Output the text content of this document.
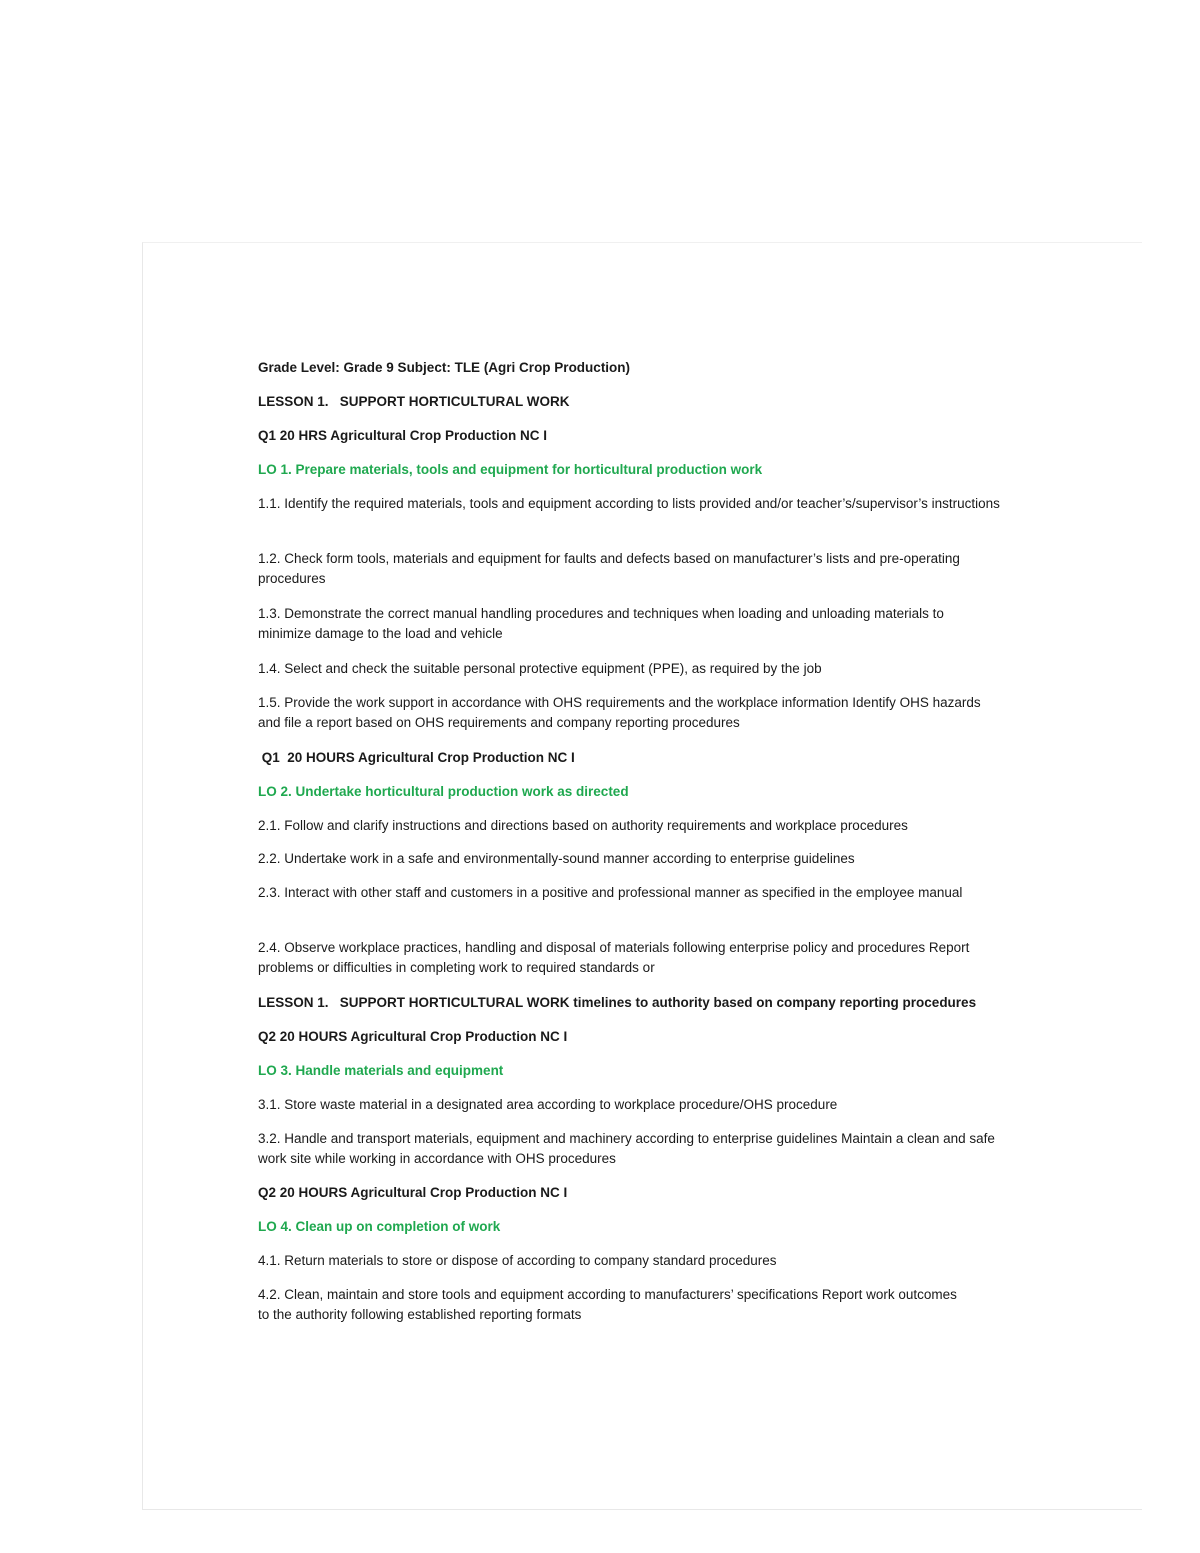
Grade Level: Grade 9 Subject: TLE (Agri Crop Production)

LESSON 1.   SUPPORT HORTICULTURAL WORK

Q1 20 HRS Agricultural Crop Production NC I

LO 1. Prepare materials, tools and equipment for horticultural production work

1.1. Identify the required materials, tools and equipment according to lists provided and/or teacher’s/supervisor’s instructions

1.2. Check form tools, materials and equipment for faults and defects based on manufacturer’s lists and pre-operating procedures

1.3. Demonstrate the correct manual handling procedures and techniques when loading and unloading materials to minimize damage to the load and vehicle

1.4. Select and check the suitable personal protective equipment (PPE), as required by the job

1.5. Provide the work support in accordance with OHS requirements and the workplace information Identify OHS hazards and file a report based on OHS requirements and company reporting procedures

Q1  20 HOURS Agricultural Crop Production NC I

LO 2. Undertake horticultural production work as directed

2.1. Follow and clarify instructions and directions based on authority requirements and workplace procedures

2.2. Undertake work in a safe and environmentally-sound manner according to enterprise guidelines

2.3. Interact with other staff and customers in a positive and professional manner as specified in the employee manual

2.4. Observe workplace practices, handling and disposal of materials following enterprise policy and procedures Report problems or difficulties in completing work to required standards or

LESSON 1.   SUPPORT HORTICULTURAL WORK timelines to authority based on company reporting procedures

Q2 20 HOURS Agricultural Crop Production NC I

LO 3. Handle materials and equipment

3.1. Store waste material in a designated area according to workplace procedure/OHS procedure

3.2. Handle and transport materials, equipment and machinery according to enterprise guidelines Maintain a clean and safe work site while working in accordance with OHS procedures

Q2 20 HOURS Agricultural Crop Production NC I

LO 4. Clean up on completion of work

4.1. Return materials to store or dispose of according to company standard procedures

4.2. Clean, maintain and store tools and equipment according to manufacturers’ specifications Report work outcomes to the authority following established reporting formats
